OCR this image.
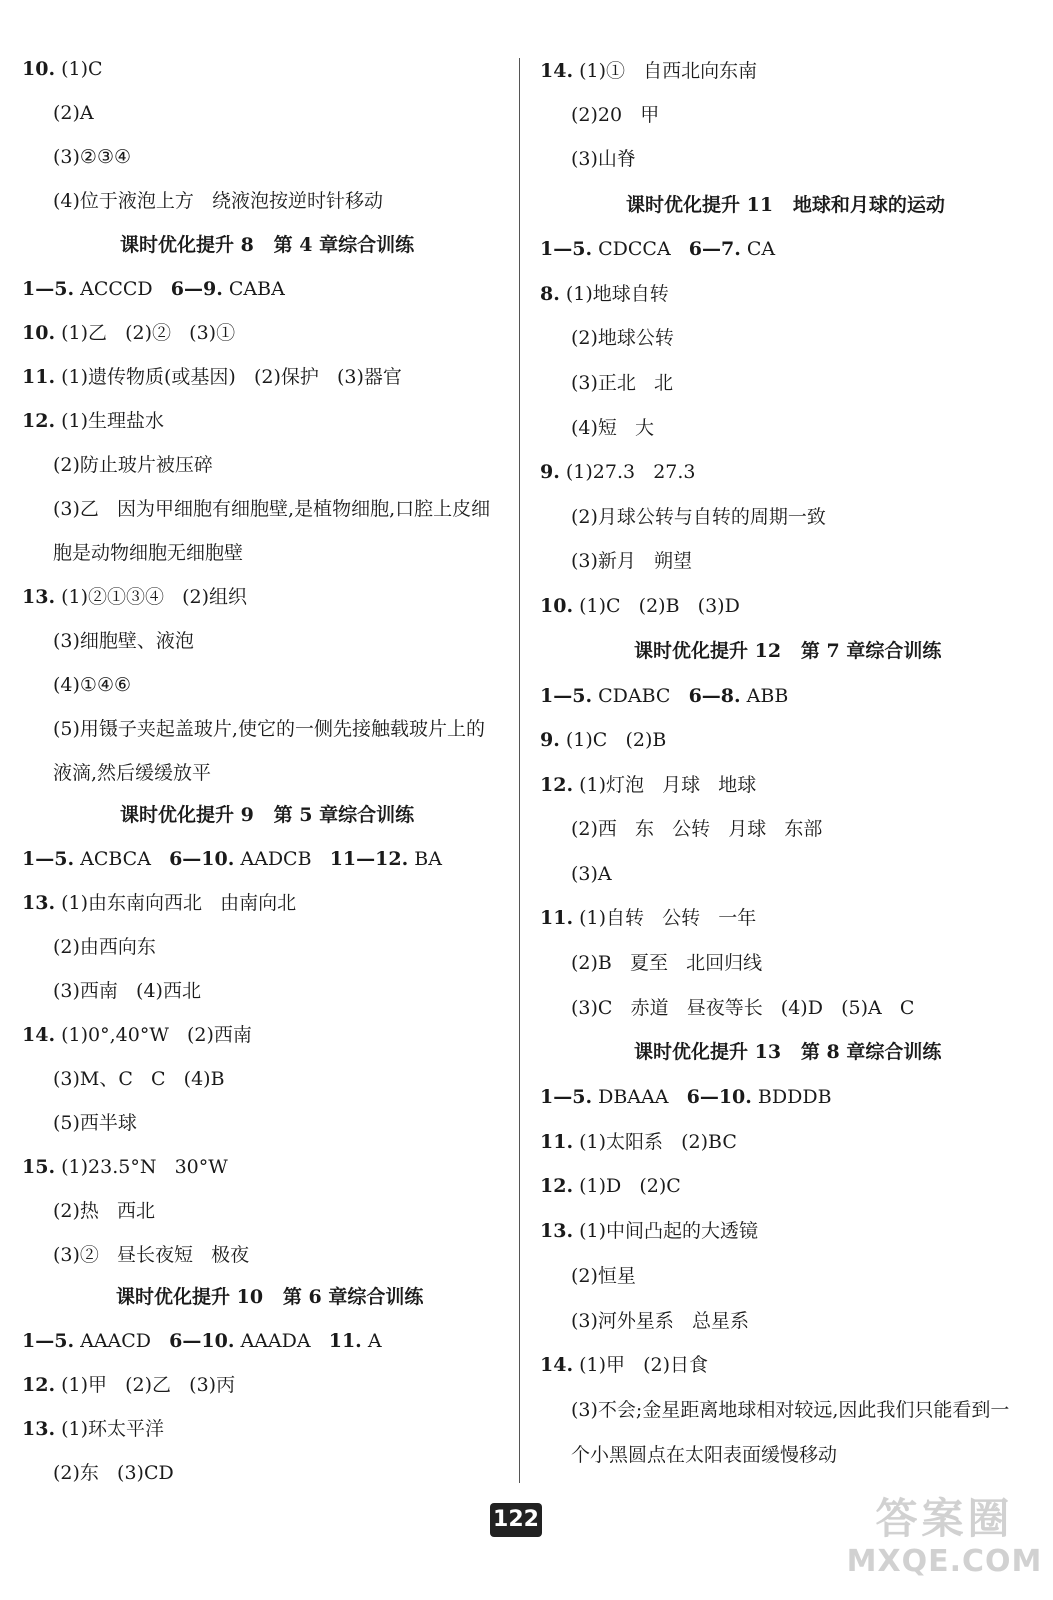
10. (1)C
(2)A
(3)②③④
(4)位于液泡上方   绕液泡按逆时针移动
课时优化提升 8   第 4 章综合训练
1—5. ACCCD   6—9. CABA
10. (1)乙   (2)②   (3)①
11. (1)遗传物质(或基因)   (2)保护   (3)器官
12. (1)生理盐水
(2)防止玻片被压碎
(3)乙   因为甲细胞有细胞壁,是植物细胞,口腔上皮细
胞是动物细胞无细胞壁
13. (1)②①③④   (2)组织
(3)细胞壁、液泡
(4)①④⑥
(5)用镊子夹起盖玻片,使它的一侧先接触载玻片上的
液滴,然后缓缓放平
课时优化提升 9   第 5 章综合训练
1—5. ACBCA   6—10. AADCB   11—12. BA
13. (1)由东南向西北   由南向北
(2)由西向东
(3)西南   (4)西北
14. (1)0°,40°W   (2)西南
(3)M、C   C   (4)B
(5)西半球
15. (1)23.5°N   30°W
(2)热   西北
(3)②   昼长夜短   极夜
课时优化提升 10   第 6 章综合训练
1—5. AAACD   6—10. AAADA   11. A
12. (1)甲   (2)乙   (3)丙
13. (1)环太平洋
(2)东   (3)CD
14. (1)①   自西北向东南
(2)20   甲
(3)山脊
课时优化提升 11   地球和月球的运动
1—5. CDCCA   6—7. CA
8. (1)地球自转
(2)地球公转
(3)正北   北
(4)短   大
9. (1)27.3   27.3
(2)月球公转与自转的周期一致
(3)新月   朔望
10. (1)C   (2)B   (3)D
课时优化提升 12   第 7 章综合训练
1—5. CDABC   6—8. ABB
9. (1)C   (2)B
12. (1)灯泡   月球   地球
(2)西   东   公转   月球   东部
(3)A
11. (1)自转   公转   一年
(2)B   夏至   北回归线
(3)C   赤道   昼夜等长   (4)D   (5)A   C
课时优化提升 13   第 8 章综合训练
1—5. DBAAA   6—10. BDDDB
11. (1)太阳系   (2)BC
12. (1)D   (2)C
13. (1)中间凸起的大透镜
(2)恒星
(3)河外星系   总星系
14. (1)甲   (2)日食
(3)不会;金星距离地球相对较远,因此我们只能看到一
个小黑圆点在太阳表面缓慢移动
122	答案圈
MXQE.COM
